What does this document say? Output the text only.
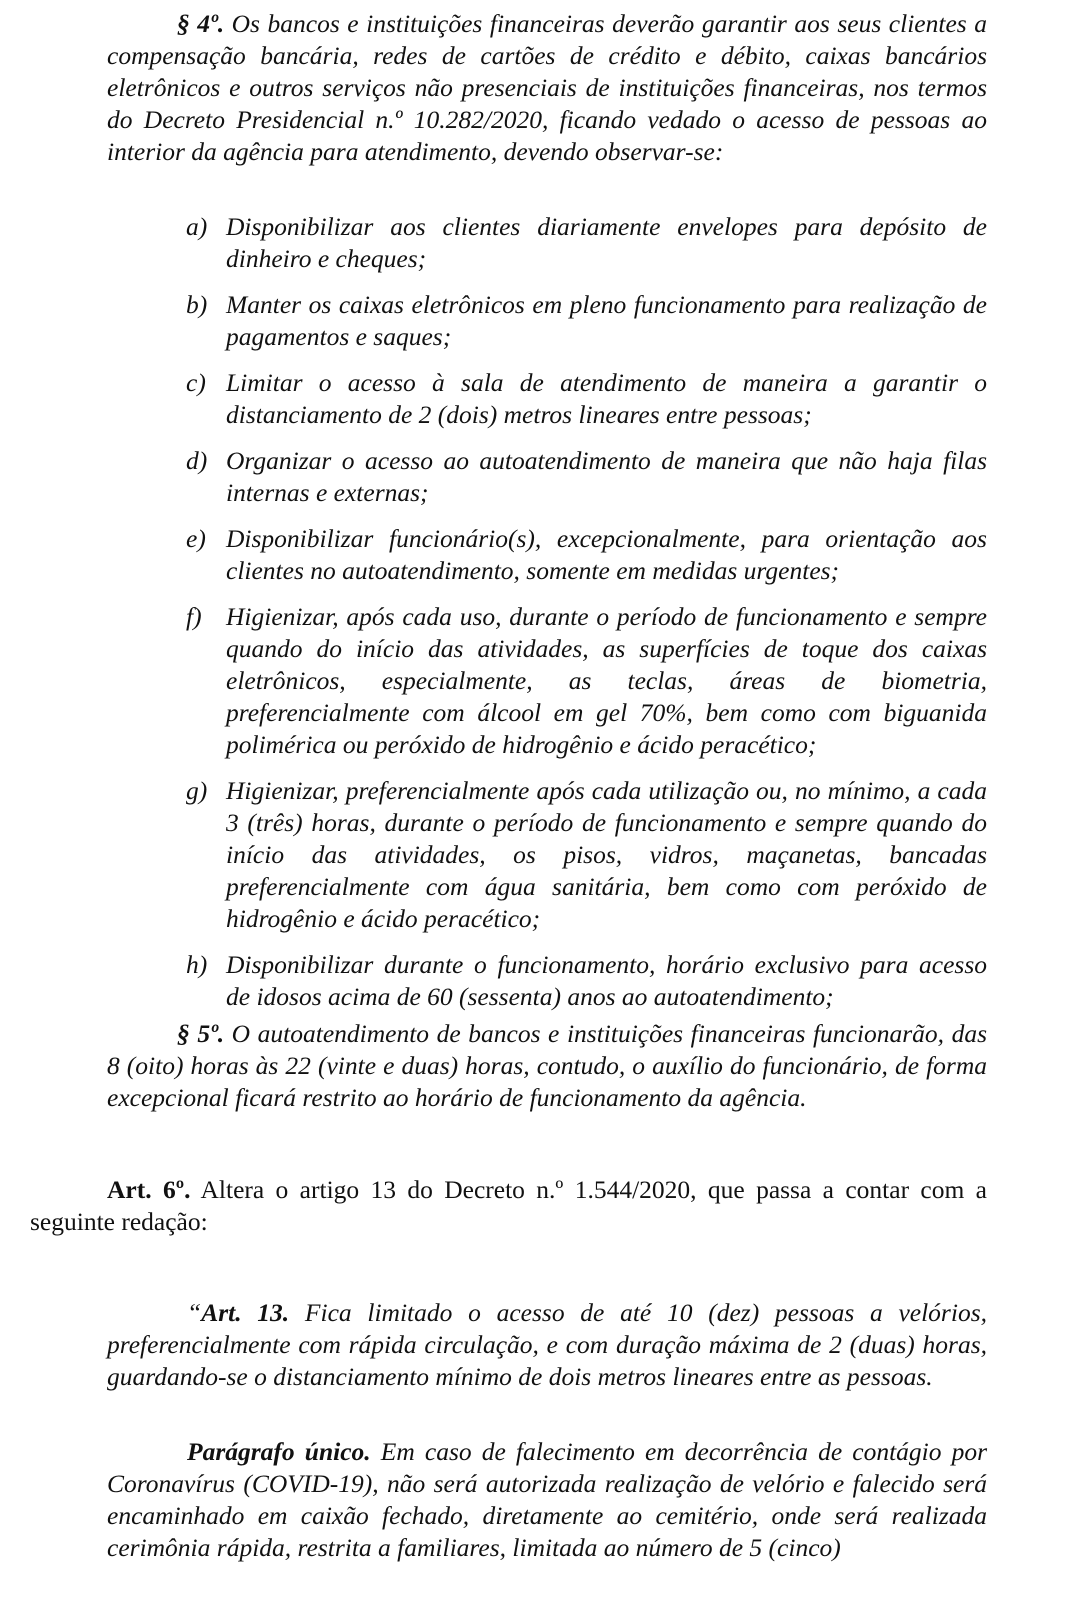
§ 4º. Os bancos e instituições financeiras deverão garantir aos seus clientes a compensação bancária, redes de cartões de crédito e débito, caixas bancários eletrônicos e outros serviços não presenciais de instituições financeiras, nos termos do Decreto Presidencial n.º 10.282/2020, ficando vedado o acesso de pessoas ao interior da agência para atendimento, devendo observar-se:
a) Disponibilizar aos clientes diariamente envelopes para depósito de dinheiro e cheques;
b) Manter os caixas eletrônicos em pleno funcionamento para realização de pagamentos e saques;
c) Limitar o acesso à sala de atendimento de maneira a garantir o distanciamento de 2 (dois) metros lineares entre pessoas;
d) Organizar o acesso ao autoatendimento de maneira que não haja filas internas e externas;
e) Disponibilizar funcionário(s), excepcionalmente, para orientação aos clientes no autoatendimento, somente em medidas urgentes;
f) Higienizar, após cada uso, durante o período de funcionamento e sempre quando do início das atividades, as superfícies de toque dos caixas eletrônicos, especialmente, as teclas, áreas de biometria, preferencialmente com álcool em gel 70%, bem como com biguanida polimérica ou peróxido de hidrogênio e ácido peracético;
g) Higienizar, preferencialmente após cada utilização ou, no mínimo, a cada 3 (três) horas, durante o período de funcionamento e sempre quando do início das atividades, os pisos, vidros, maçanetas, bancadas preferencialmente com água sanitária, bem como com peróxido de hidrogênio e ácido peracético;
h) Disponibilizar durante o funcionamento, horário exclusivo para acesso de idosos acima de 60 (sessenta) anos ao autoatendimento;
§ 5º. O autoatendimento de bancos e instituições financeiras funcionarão, das 8 (oito) horas às 22 (vinte e duas) horas, contudo, o auxílio do funcionário, de forma excepcional ficará restrito ao horário de funcionamento da agência.
Art. 6º. Altera o artigo 13 do Decreto n.º 1.544/2020, que passa a contar com a seguinte redação:
“Art. 13. Fica limitado o acesso de até 10 (dez) pessoas a velórios, preferencialmente com rápida circulação, e com duração máxima de 2 (duas) horas, guardando-se o distanciamento mínimo de dois metros lineares entre as pessoas.
Parágrafo único. Em caso de falecimento em decorrência de contágio por Coronavírus (COVID-19), não será autorizada realização de velório e falecido será encaminhado em caixão fechado, diretamente ao cemitério, onde será realizada cerimônia rápida, restrita a familiares, limitada ao número de 5 (cinco)
